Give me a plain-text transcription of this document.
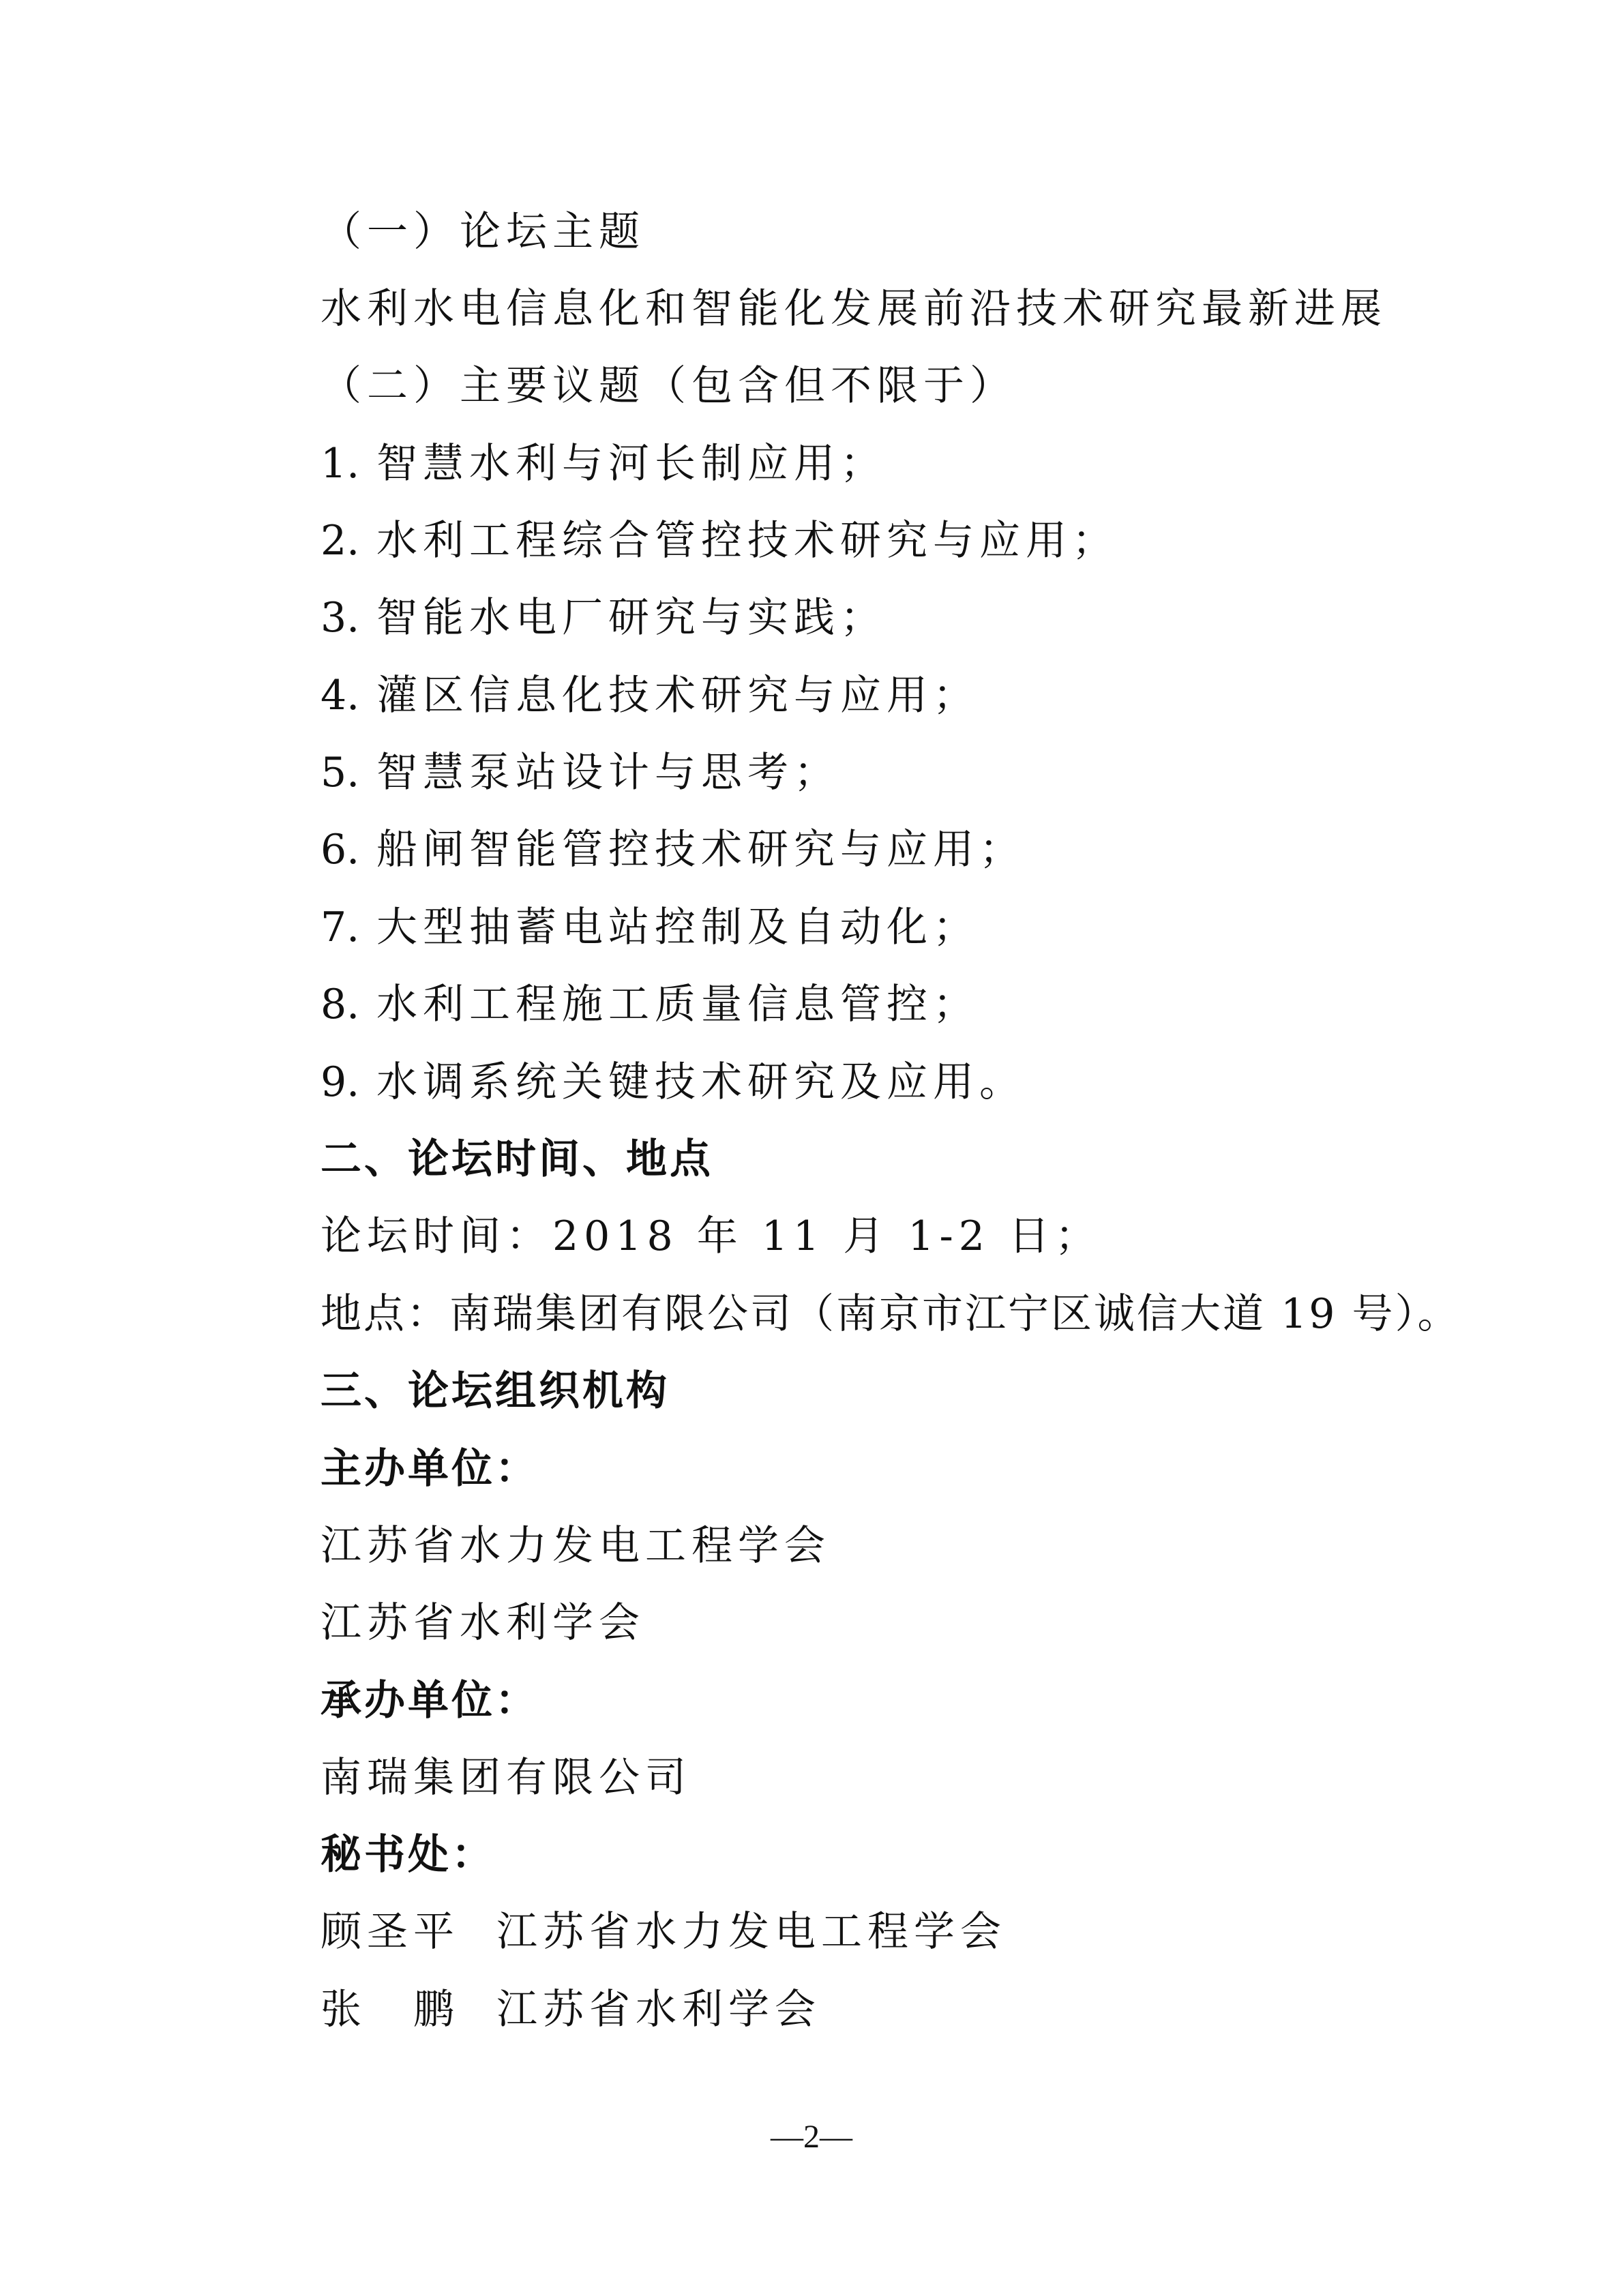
（一）论坛主题
水利水电信息化和智能化发展前沿技术研究最新进展
（二）主要议题（包含但不限于）
1. 智慧水利与河长制应用；
2. 水利工程综合管控技术研究与应用；
3. 智能水电厂研究与实践；
4. 灌区信息化技术研究与应用；
5. 智慧泵站设计与思考；
6. 船闸智能管控技术研究与应用；
7. 大型抽蓄电站控制及自动化；
8. 水利工程施工质量信息管控；
9. 水调系统关键技术研究及应用。
二、论坛时间、地点
论坛时间：2018 年 11 月 1-2 日；
地点：南瑞集团有限公司（南京市江宁区诚信大道 19 号）。
三、论坛组织机构
主办单位：
江苏省水力发电工程学会
江苏省水利学会
承办单位：
南瑞集团有限公司
秘书处：
顾圣平 江苏省水力发电工程学会
张　鹏 江苏省水利学会
—2—
